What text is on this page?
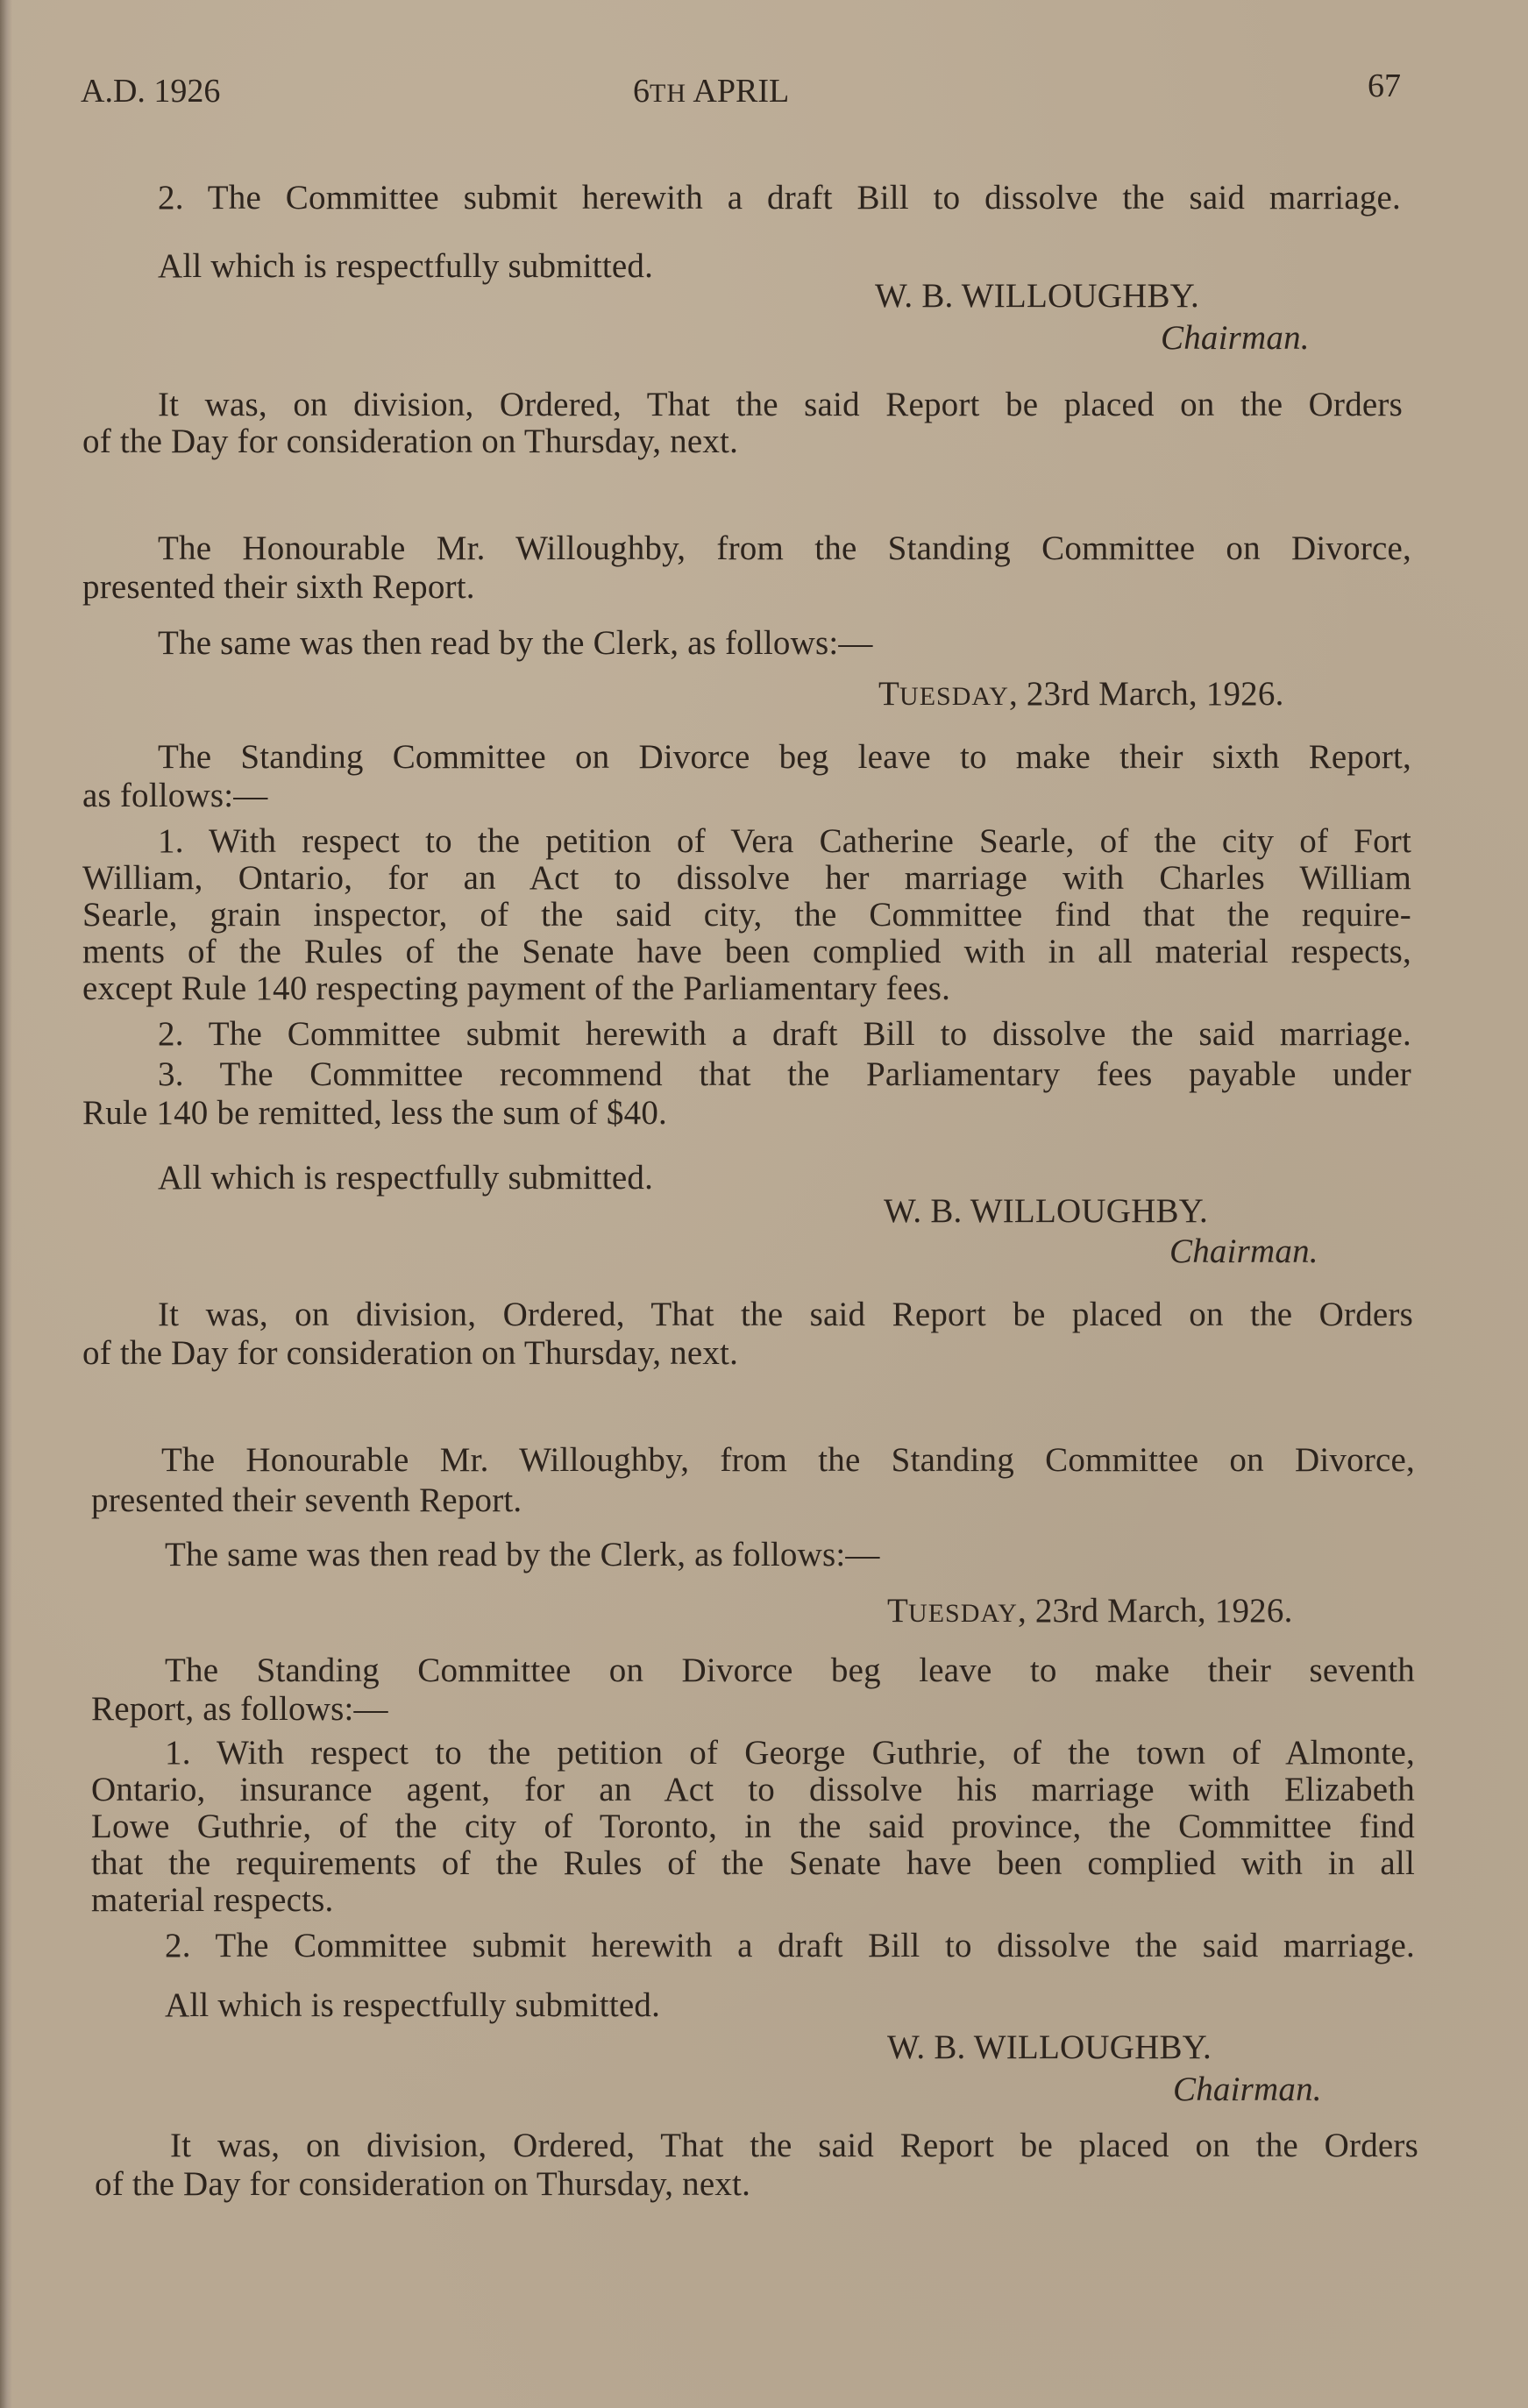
A.D. 1926	6TH APRIL	67
2. The Committee submit herewith a draft Bill to dissolve the said marriage.
All which is respectfully submitted.
W. B. WILLOUGHBY.
Chairman.
It was, on division, Ordered, That the said Report be placed on the Orders
of the Day for consideration on Thursday, next.
The Honourable Mr. Willoughby, from the Standing Committee on Divorce,
presented their sixth Report.
The same was then read by the Clerk, as follows:—
TUESDAY, 23rd March, 1926.
The Standing Committee on Divorce beg leave to make their sixth Report,
as follows:—
1. With respect to the petition of Vera Catherine Searle, of the city of Fort
William, Ontario, for an Act to dissolve her marriage with Charles William
Searle, grain inspector, of the said city, the Committee find that the require-
ments of the Rules of the Senate have been complied with in all material respects,
except Rule 140 respecting payment of the Parliamentary fees.
2. The Committee submit herewith a draft Bill to dissolve the said marriage.
3. The Committee recommend that the Parliamentary fees payable under
Rule 140 be remitted, less the sum of $40.
All which is respectfully submitted.
W. B. WILLOUGHBY.
Chairman.
It was, on division, Ordered, That the said Report be placed on the Orders
of the Day for consideration on Thursday, next.
The Honourable Mr. Willoughby, from the Standing Committee on Divorce,
presented their seventh Report.
The same was then read by the Clerk, as follows:—
TUESDAY, 23rd March, 1926.
The Standing Committee on Divorce beg leave to make their seventh
Report, as follows:—
1. With respect to the petition of George Guthrie, of the town of Almonte,
Ontario, insurance agent, for an Act to dissolve his marriage with Elizabeth
Lowe Guthrie, of the city of Toronto, in the said province, the Committee find
that the requirements of the Rules of the Senate have been complied with in all
material respects.
2. The Committee submit herewith a draft Bill to dissolve the said marriage.
All which is respectfully submitted.
W. B. WILLOUGHBY.
Chairman.
It was, on division, Ordered, That the said Report be placed on the Orders
of the Day for consideration on Thursday, next.
